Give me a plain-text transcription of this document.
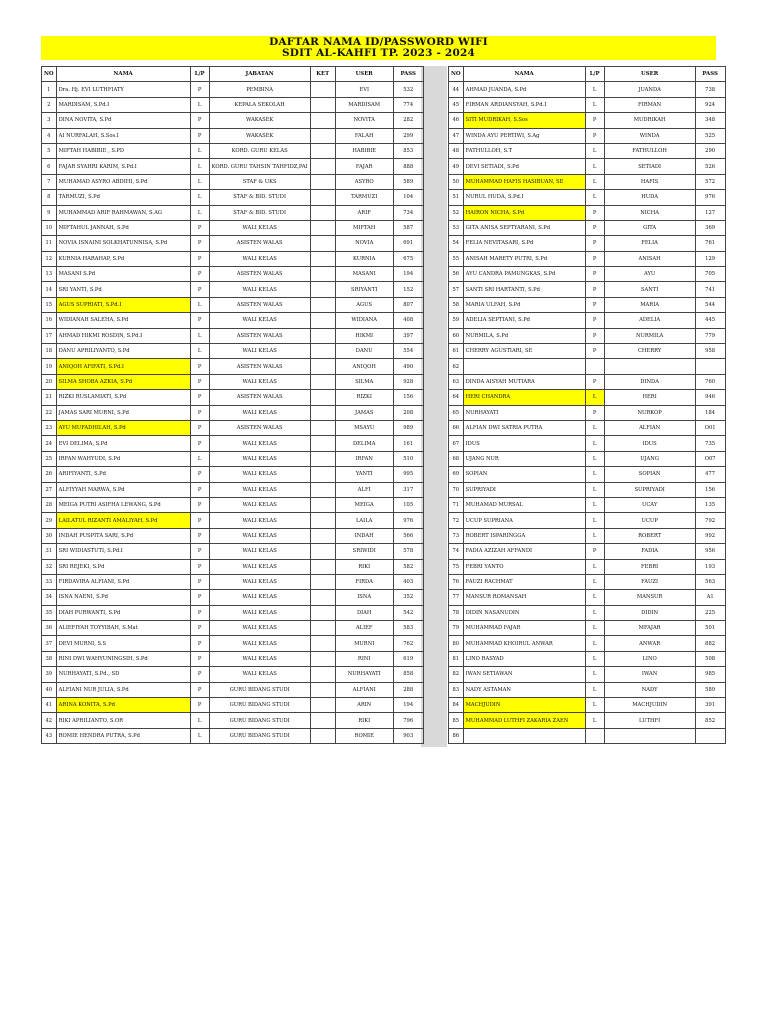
DAFTAR NAMA ID/PASSWORD WIFI
SDIT AL-KAHFI TP. 2023 - 2024
NO	NAMA	L/P	JABATAN	KET	USER	PASS
1	Dra. Hj. EVI LUTHFIATY	P	PEMBINA		EVI	532
2	MARDISAM, S.Pd.I	L	KEPALA SEKOLAH		MARDISAM	774
3	DINA NOVITA, S.Pd	P	WAKASEK		NOVITA	282
4	AI NURFALAH, S.Sos.I	P	WAKASEK		FALAH	299
5	MIFTAH HABIBIE , S.PD	L	KORD. GURU KELAS		HABIBIE	853
6	FAJAR SYAHRI KARIM, S.Pd.I	L	KORD. GURU TAHSIN TAHFIDZ,PAI		FAJAR	888
7	MUHAMAD ASYRO ABDIHI, S.Pd	L	STAF & UKS		ASYRO	589
8	TARMUZI, S.Pd	L	STAF & BID. STUDI		TARMUZI	104
9	MUHAMMAD ARIF RAHMAWAN, S.AG	L	STAF & BID. STUDI		ARIF	734
10	MIFTAHUL JANNAH, S.Pd	P	WALI KELAS		MIFTAH	587
11	NOVIA ISNAINI SOLKHATUNNISA, S.Pd	P	ASISTEN WALAS		NOVIA	691
12	KURNIA HARAHAP, S.Pd	P	WALI KELAS		KURNIA	675
13	MASANI S.Pd	P	ASISTEN WALAS		MASANI	194
14	SRI YANTI, S.Pd	P	WALI KELAS		SRIYANTI	152
15	AGUS SUPRIATI, S.Pd.I	L	ASISTEN WALAS		AGUS	807
16	WIDIANAH SALEHA, S.Pd	P	WALI KELAS		WIDIANA	408
17	AHMAD HIKMI ROSDIN, S.Pd.I	L	ASISTEN WALAS		HIKMI	397
18	DANU APRILIYANTO, S.Pd	L	WALI KELAS		DANU	554
19	ANIQOH AFIFATI, S.Pd.I	P	ASISTEN WALAS		ANIQOH	490
20	SILMA SHOBA AZKIA, S.Pd	P	WALI KELAS		SILMA	928
21	RIZKI RUSLAMIATI, S.Pd	P	ASISTEN WALAS		RIZKI	156
22	JAMAS SARI MURNI, S.Pd	P	WALI KELAS		JAMAS	208
23	AYU MUFADHILAH, S.Pd	P	ASISTEN WALAS		MSAYU	989
24	EVI DELIMA, S.Pd	P	WALI KELAS		DELIMA	161
25	IRFAN WAHYUDI, S.Pd	L	WALI KELAS		IRFAN	510
26	ARIFIYANTI, S.Pd	P	WALI KELAS		YANTI	995
27	ALFIYYAH MARWA, S.Pd	P	WALI KELAS		ALFI	317
28	MEIGA PUTRI ASIFHA LEWANG, S.Pd	P	WALI KELAS		MEIGA	105
29	LAILATUL RIZANTI AMALIYAH, S.Pd	P	WALI KELAS		LAILA	976
30	INDAH PUSPITA SARI, S.Pd	P	WALI KELAS		INDAH	566
31	SRI WIDIASTUTI, S.Pd.I	P	WALI KELAS		SRIWIDI	578
32	SRI REJEKI, S.Pd	P	WALI KELAS		RIKI	582
33	FIRDAVIRA ALFIANI, S.Pd	P	WALI KELAS		FIRDA	403
34	ISNA NAENI, S.Pd	P	WALI KELAS		ISNA	352
35	DIAH PURWANTI, S.Pd	P	WALI KELAS		DIAH	542
36	ALIEFIYAH TOYYIBAH, S.Mat	P	WALI KELAS		ALIEF	583
37	DEVI MURNI, S.S	P	WALI KELAS		MURNI	762
38	RINI DWI WAHYUNINGSIH, S.Pd	P	WALI KELAS		RINI	619
39	NURHAYATI, S.Pd., SD	P	WALI KELAS		NURHAYATI	858
40	ALFIANI NUR JULIA, S.Pd	P	GURU BIDANG STUDI		ALFIANI	288
41	ARINA KONITA, S.Pd	P	GURU BIDANG STUDI		ARIN	194
42	RIKI APRILIANTO, S.OR	L	GURU BIDANG STUDI		RIKI	796
43	ROMIE HENDRA PUTRA, S.Pd	L	GURU BIDANG STUDI		ROMIE	903
NO	NAMA	L/P	USER	PASS
44	AHMAD JUANDA, S.Pd	L	JUANDA	738
45	FIRMAN ARDIANSYAH, S.Pd.I	L	FIRMAN	924
46	SITI MUDRIKAH, S.Sos	P	MUDRIKAH	348
47	WINDA AYU PERTIWI, S.Ag	P	WINDA	525
48	FATHULLOH, S.T	L	FATHULLOH	290
49	DEVI SETIADI, S.Pd	L	SETIADI	526
50	MUHAMMAD HAFIS HASIBUAN, SE	L	HAFIS	572
51	NURUL HUDA, S.Pd.I	L	HUDA	976
52	HAIRON NICHA, S.Pd	P	NICHA	127
53	GITA ANISA SEPTYARANI, S.Pd	P	GITA	369
54	FELIA NEVITASARI, S.Pd	P	FELIA	761
55	ANISAH MARETY PUTRI, S.Pd	P	ANISAH	129
56	AYU CANDRA PAMUNGKAS, S.Pd	P	AYU	705
57	SANTI SRI HARTANTI, S.Pd	P	SANTI	741
58	MARIA ULFAH, S.Pd	P	MARIA	544
59	ADELIA SEPTIANI, S.Pd	P	ADELIA	445
60	NURMILA, S.Pd	P	NURMILA	779
61	CHERRY AGUSTIARI, SE	P	CHERRY	958
62				
63	DINDA AISYAH MUTIARA	P	DINDA	760
64	HERI CHANDRA	L	HERI	946
65	NURHAYATI	P	NURKOP	184
66	ALFIAN DWI SATRIA PUTRA	L	ALFIAN	O01
67	IDUS	L	IDUS	735
68	UJANG NUR	L	UJANG	O07
69	SOPIAN	L	SOPIAN	477
70	SUPRIYADI	L	SUPRIYADI	156
71	MUHAMAD MURSAL	L	UCAY	135
72	UCUP SUPRIANA	L	UCUP	792
73	ROBERT ISPARINGGA	L	ROBERT	992
74	FADIA AZIZAH AFFANDI	P	FADIA	956
75	FEBRI YANTO	L	FEBRI	193
76	FAUZI RACHMAT	L	FAUZI	563
77	MANSUR ROMANSAH	L	MANSUR	A1
78	DIDIN NASANUDIN	L	DIDIN	225
79	MUHAMMAD FAJAR	L	MFAJAR	501
80	MUHAMMAD KHOIRUL ANWAR	L	ANWAR	882
81	LINO RASYAD	L	LINO	508
82	IWAN SETIAWAN	L	IWAN	985
83	NADY ASTAMAN	L	NADY	589
84	MACHJUDIN	L	MACHJUDIN	391
85	MUHAMMAD LUTHFI ZAKARIA ZAEN	L	LUTHFI	852
86				
